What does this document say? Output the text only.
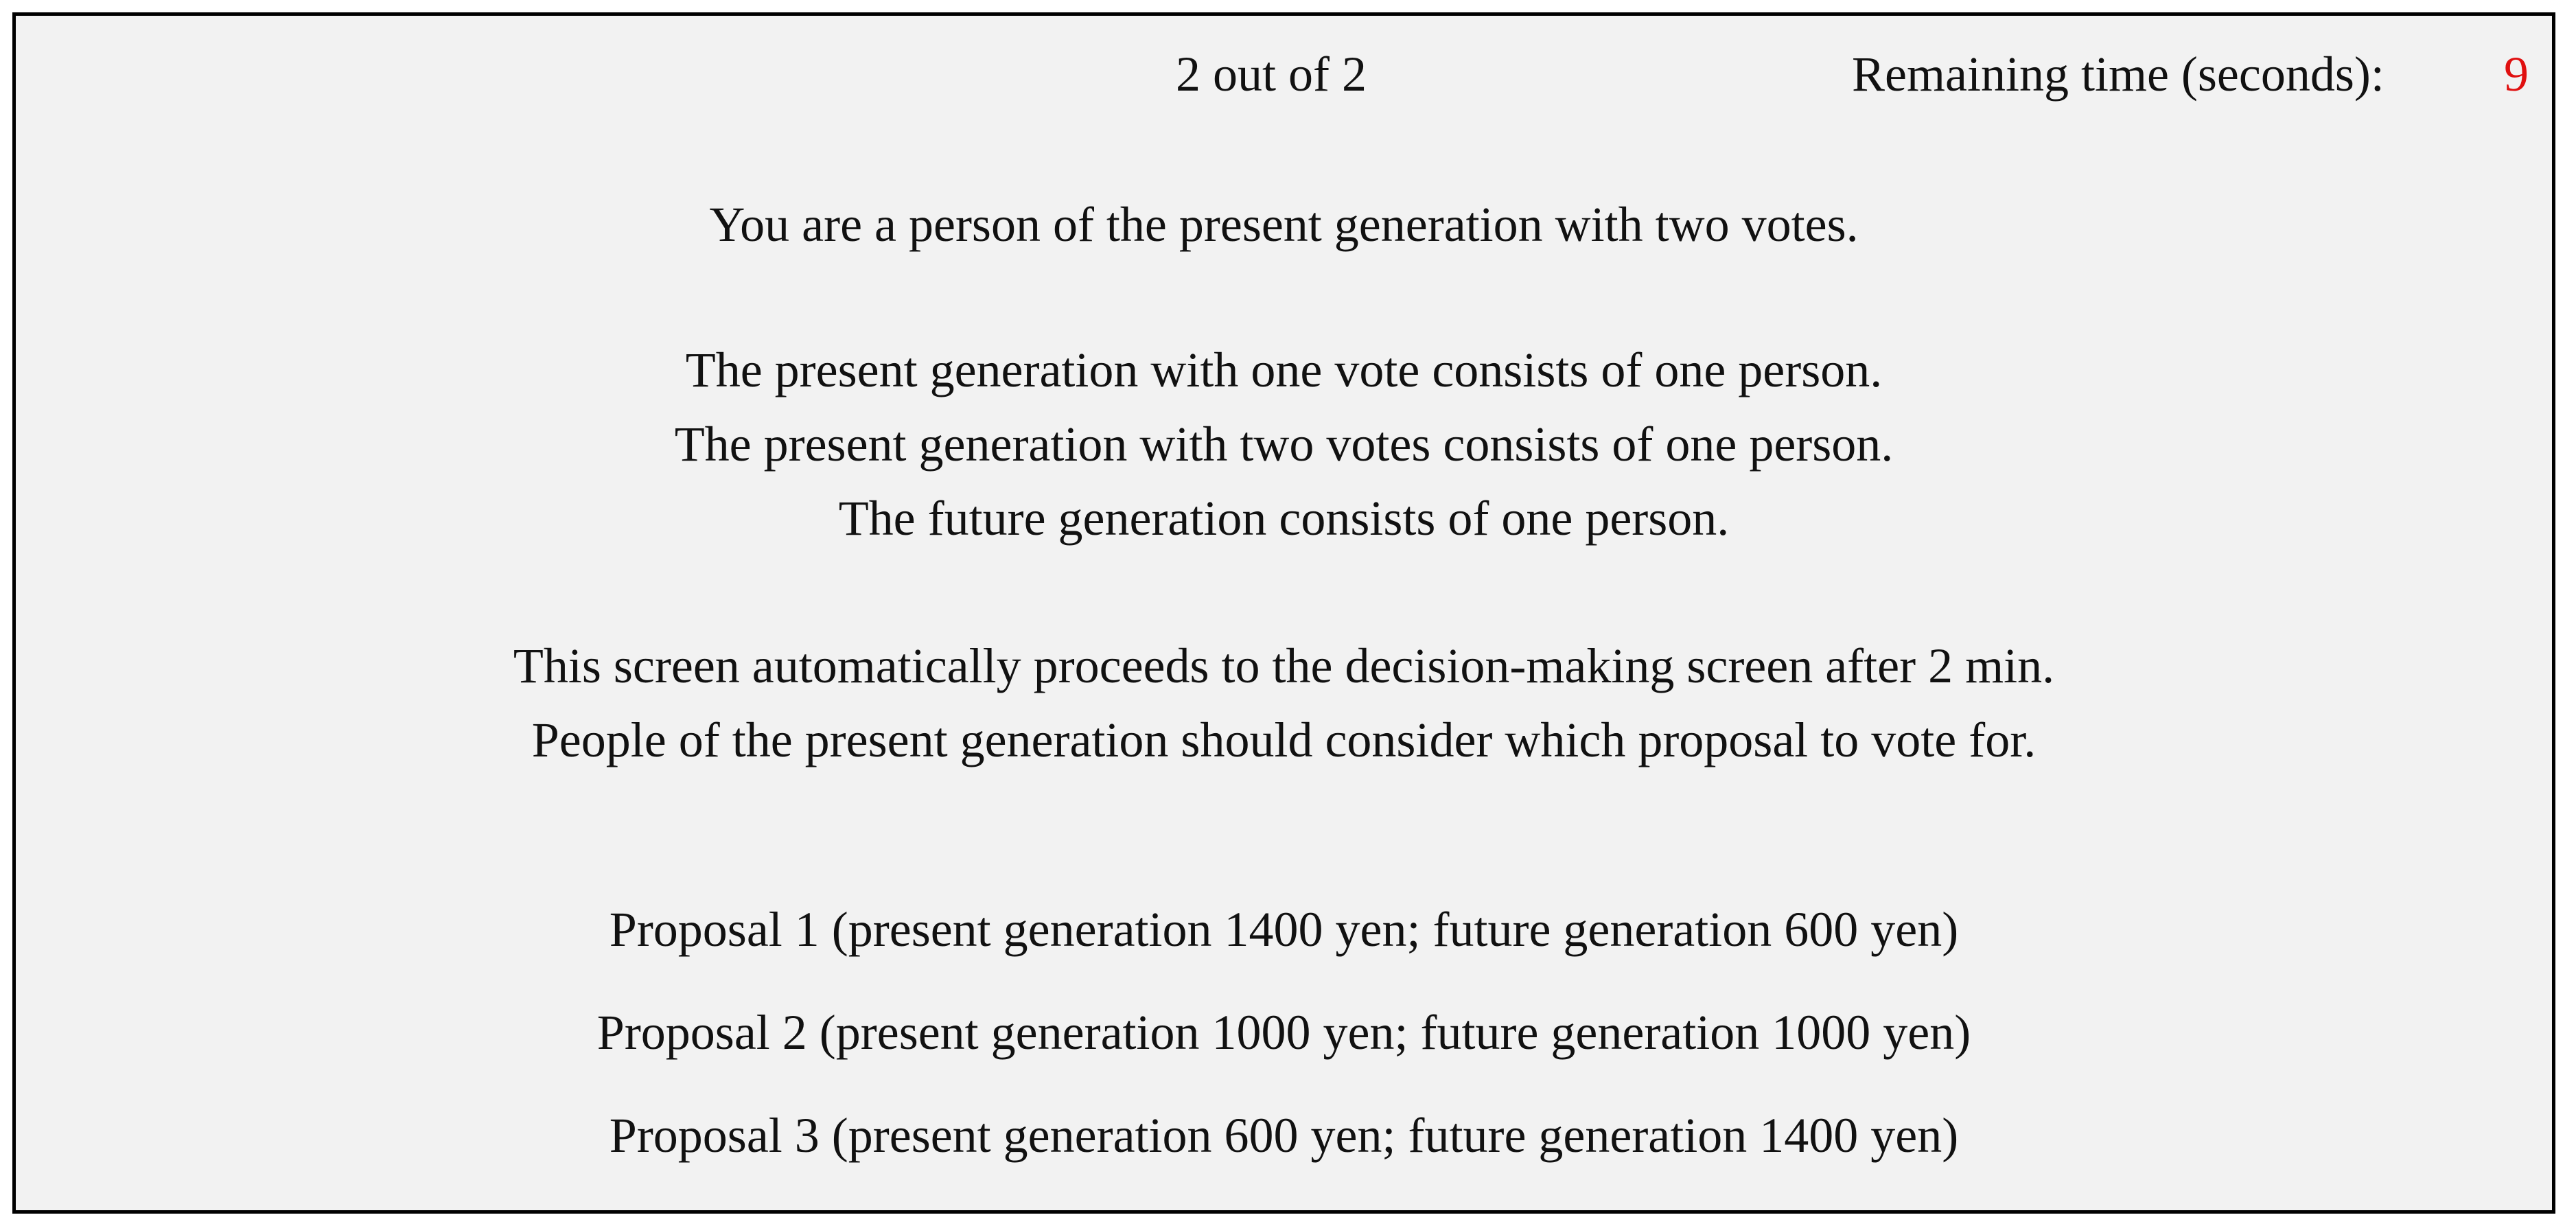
2 out of 2	Remaining time (seconds): 9
You are a person of the present generation with two votes.
The present generation with one vote consists of one person.
The present generation with two votes consists of one person.
The future generation consists of one person.
This screen automatically proceeds to the decision-making screen after 2 min.
People of the present generation should consider which proposal to vote for.
Proposal 1 (present generation 1400 yen; future generation 600 yen)
Proposal 2 (present generation 1000 yen; future generation 1000 yen)
Proposal 3 (present generation 600 yen; future generation 1400 yen)
